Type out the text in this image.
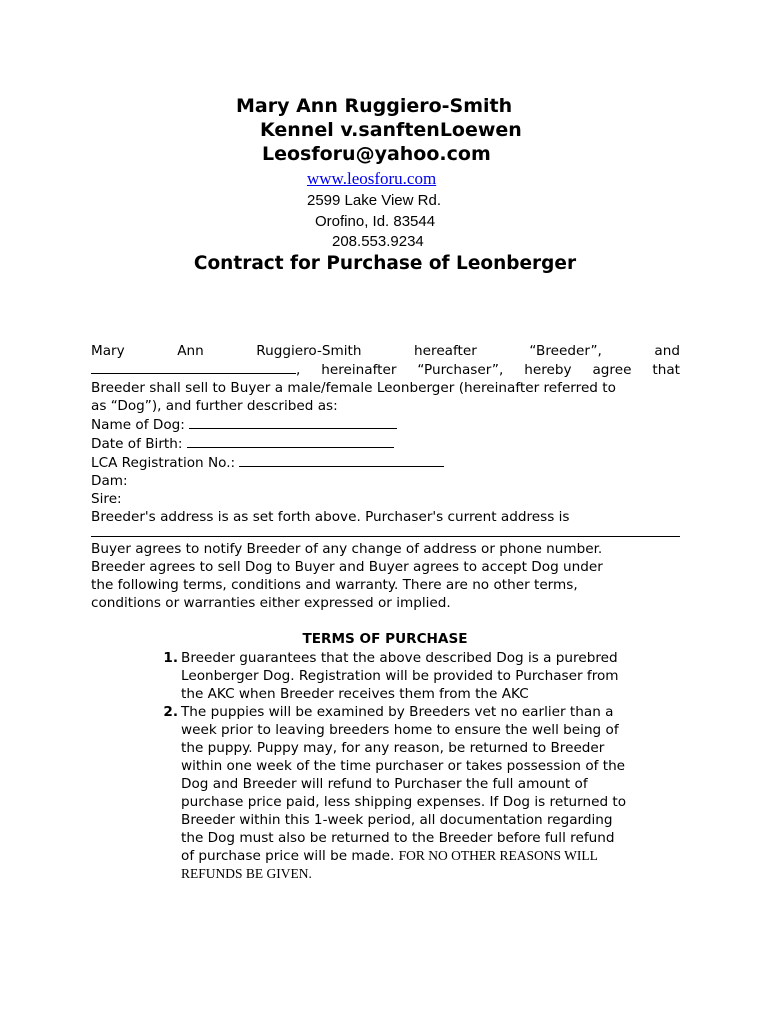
Mary Ann Ruggiero-Smith
Kennel v.sanftenLoewen
Leosforu@yahoo.com
www.leosforu.com
2599 Lake View Rd.
Orofino, Id. 83544
208.553.9234
Contract for Purchase of Leonberger
Mary	Ann	Ruggiero-Smith	hereafter	“Breeder”,	and
, hereinafter “Purchaser”, hereby agree that
Breeder shall sell to Buyer a male/female Leonberger (hereinafter referred to
as “Dog”), and further described as:
Name of Dog:
Date of Birth:
LCA Registration No.:
Dam:
Sire:
Breeder's address is as set forth above. Purchaser's current address is
Buyer agrees to notify Breeder of any change of address or phone number.
Breeder agrees to sell Dog to Buyer and Buyer agrees to accept Dog under
the following terms, conditions and warranty. There are no other terms,
conditions or warranties either expressed or implied.
TERMS OF PURCHASE
1. Breeder guarantees that the above described Dog is a purebred
Leonberger Dog. Registration will be provided to Purchaser from
the AKC when Breeder receives them from the AKC
2. The puppies will be examined by Breeders vet no earlier than a
week prior to leaving breeders home to ensure the well being of
the puppy. Puppy may, for any reason, be returned to Breeder
within one week of the time purchaser or takes possession of the
Dog and Breeder will refund to Purchaser the full amount of
purchase price paid, less shipping expenses. If Dog is returned to
Breeder within this 1-week period, all documentation regarding
the Dog must also be returned to the Breeder before full refund
of purchase price will be made. FOR NO OTHER REASONS WILL
REFUNDS BE GIVEN.
